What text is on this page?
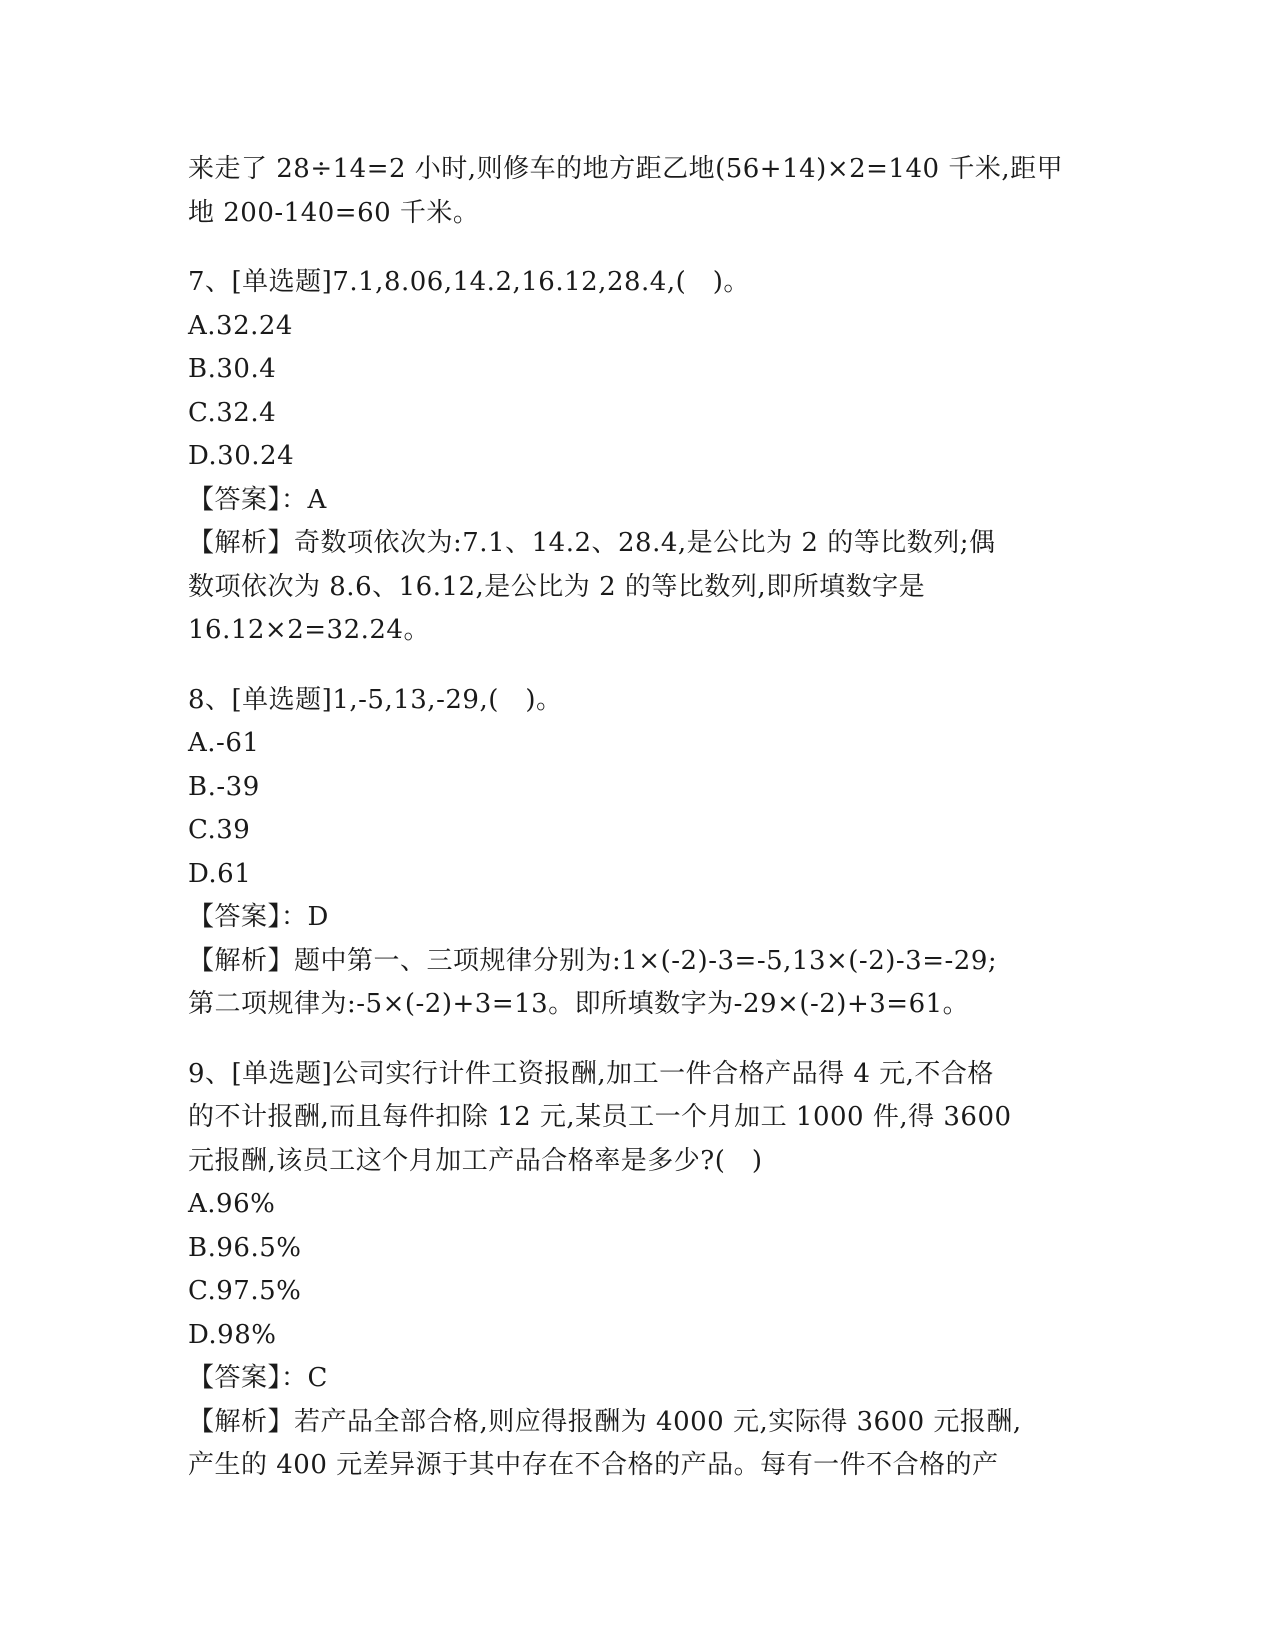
来走了 28÷14=2 小时,则修车的地方距乙地(56+14)×2=140 千米,距甲
地 200-140=60 千米。
7、[单选题]7.1,8.06,14.2,16.12,28.4,(　)。
A.32.24
B.30.4
C.32.4
D.30.24
【答案】：A
【解析】奇数项依次为:7.1、14.2、28.4,是公比为 2 的等比数列;偶
数项依次为 8.6、16.12,是公比为 2 的等比数列,即所填数字是
16.12×2=32.24。
8、[单选题]1,-5,13,-29,(　)。
A.-61
B.-39
C.39
D.61
【答案】：D
【解析】题中第一、三项规律分别为:1×(-2)-3=-5,13×(-2)-3=-29;
第二项规律为:-5×(-2)+3=13。即所填数字为-29×(-2)+3=61。
9、[单选题]公司实行计件工资报酬,加工一件合格产品得 4 元,不合格
的不计报酬,而且每件扣除 12 元,某员工一个月加工 1000 件,得 3600
元报酬,该员工这个月加工产品合格率是多少?(　)
A.96%
B.96.5%
C.97.5%
D.98%
【答案】：C
【解析】若产品全部合格,则应得报酬为 4000 元,实际得 3600 元报酬,
产生的 400 元差异源于其中存在不合格的产品。每有一件不合格的产
